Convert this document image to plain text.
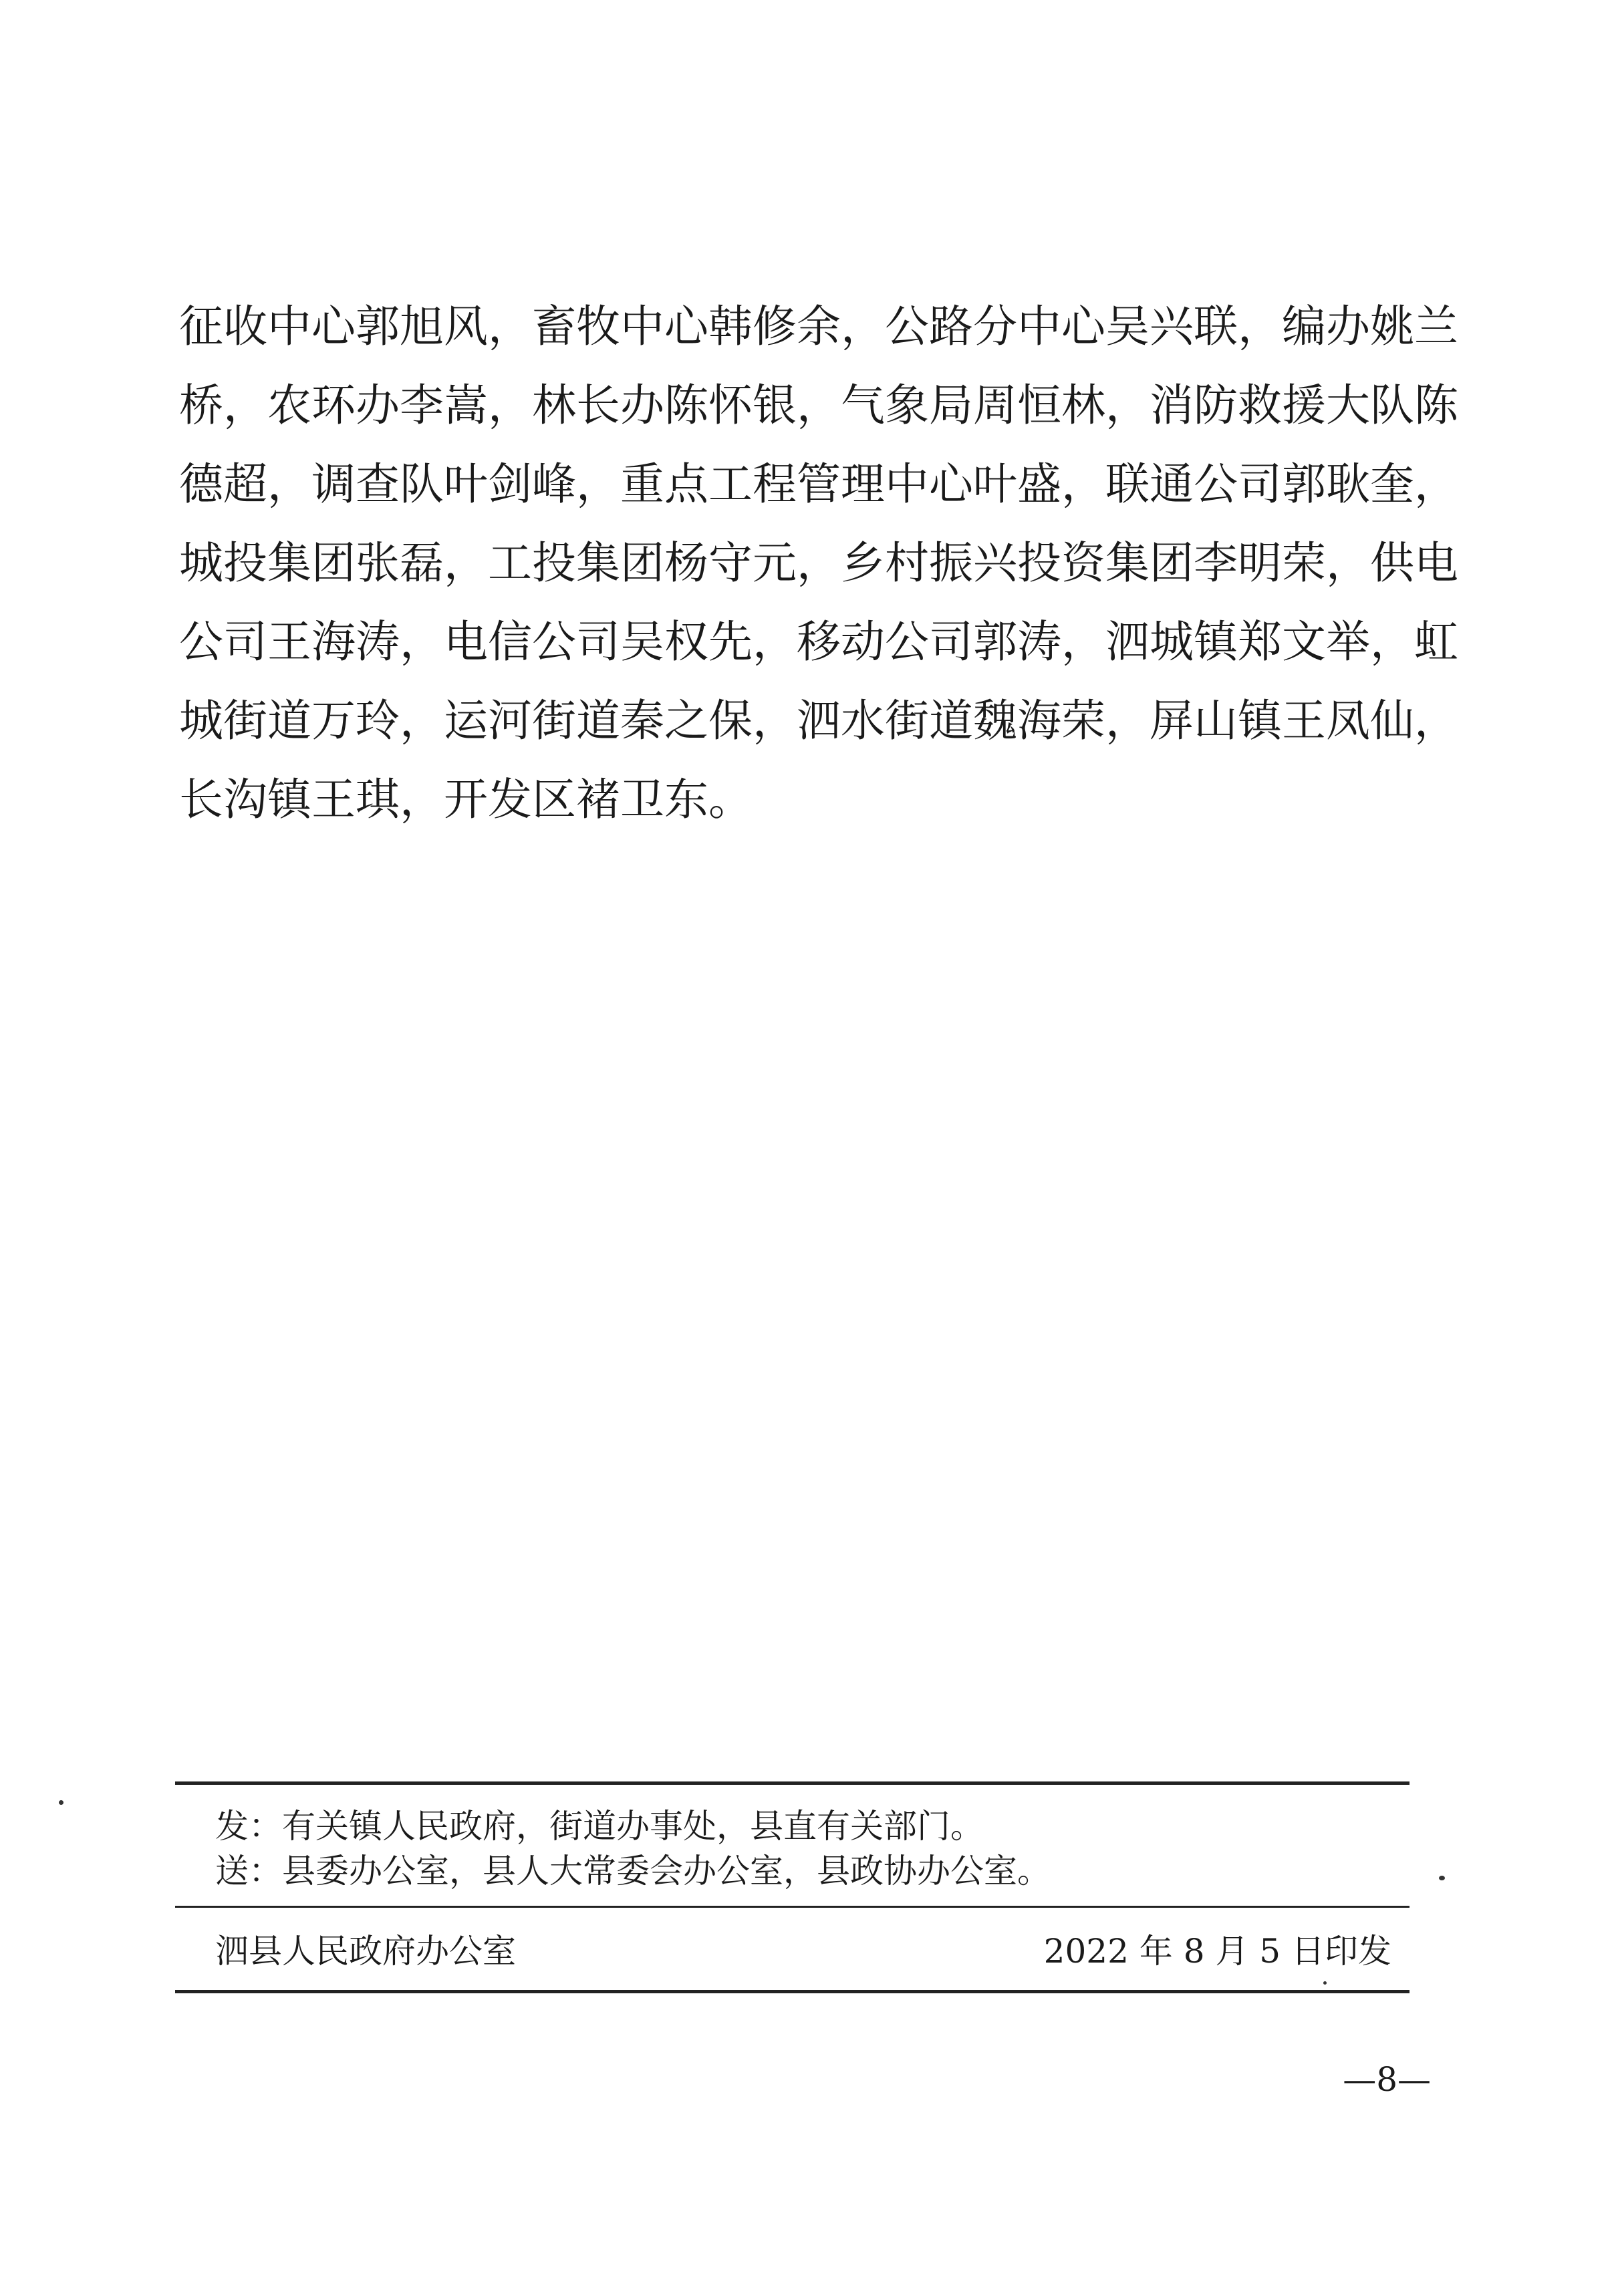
征收中心郭旭风，畜牧中心韩修余，公路分中心吴兴联，编办姚兰
桥，农环办李嵩，林长办陈怀银，气象局周恒林，消防救援大队陈
德超，调查队叶剑峰，重点工程管理中心叶盛，联通公司郭耿奎，
城投集团张磊，工投集团杨守元，乡村振兴投资集团李明荣，供电
公司王海涛，电信公司吴权先，移动公司郭涛，泗城镇郑文举，虹
城街道万玲，运河街道秦之保，泗水街道魏海荣，屏山镇王凤仙，
长沟镇王琪，开发区褚卫东。
发：有关镇人民政府，街道办事处，县直有关部门。
送：县委办公室，县人大常委会办公室，县政协办公室。
泗县人民政府办公室	2022 年 8 月 5 日印发
—8—
